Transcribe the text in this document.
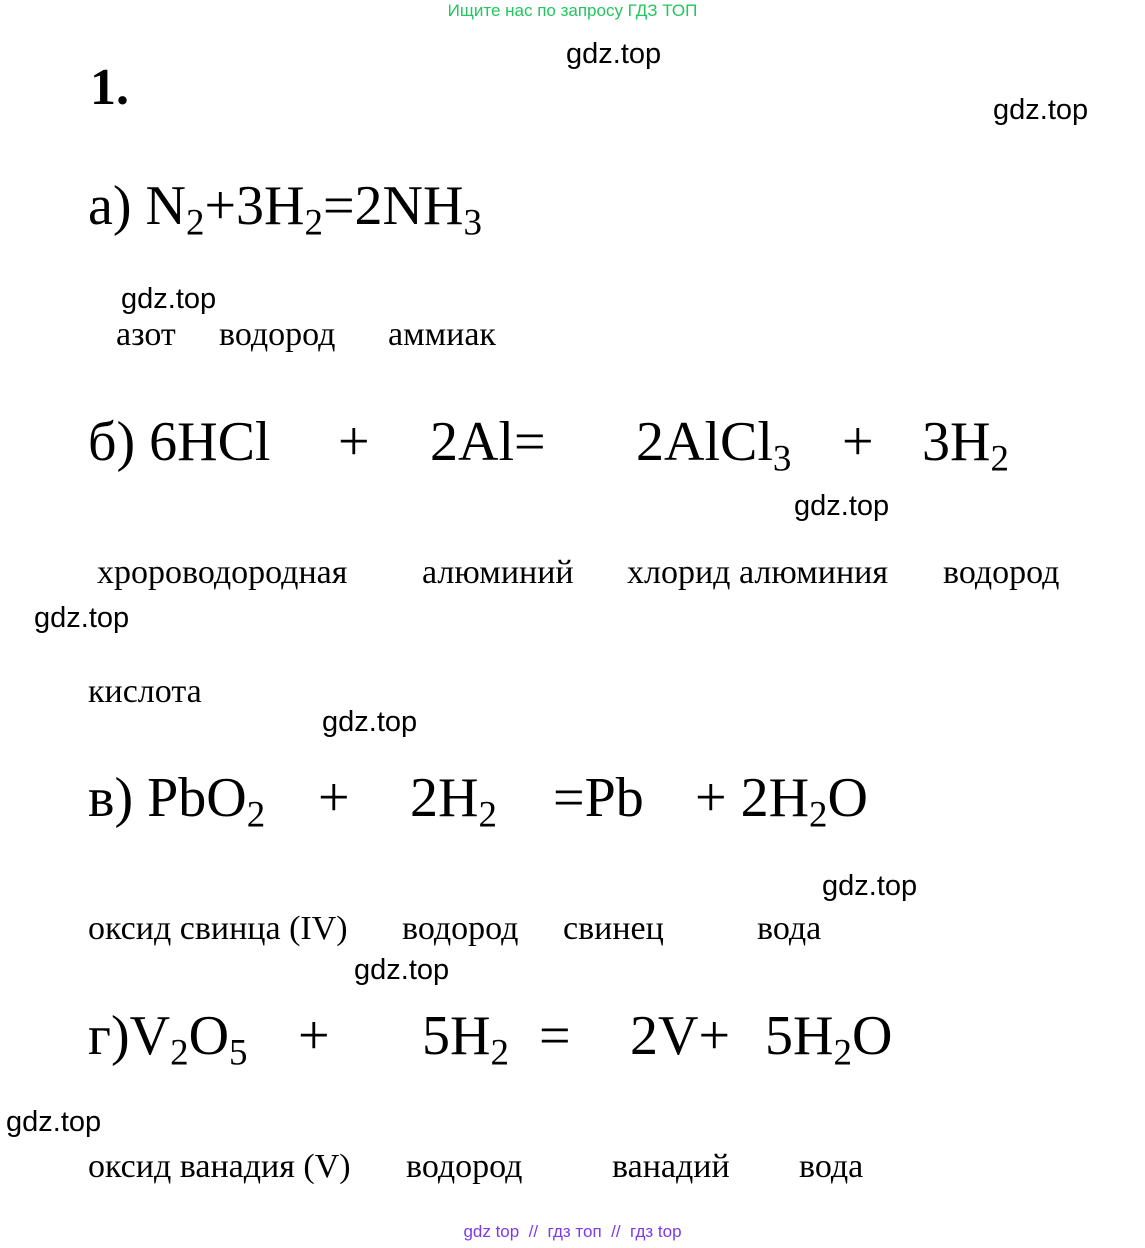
Ищите нас по запросу ГДЗ ТОП
1.
gdz.top
gdz.top
gdz.top
gdz.top
gdz.top
gdz.top
gdz.top
gdz.top
gdz.top
а) $N_2+3H_2=2NH_3$
азот водород аммиак
б) 6HCl + 2Al= 2AlCl$_3$ + $3H_2$
хророводородная алюминий хлорид алюминия водород
кислота
в) $PbO_2 + 2H_2 =Pb + 2H_2O$
оксид свинца (IV) водород свинец	вода
$г)V_2O_5 + 5H_2 = 2V+ 5H_2O$
оксид ванадия (V) водород	ванадий вода
gdz top  //  гдз топ  //  гдз top
